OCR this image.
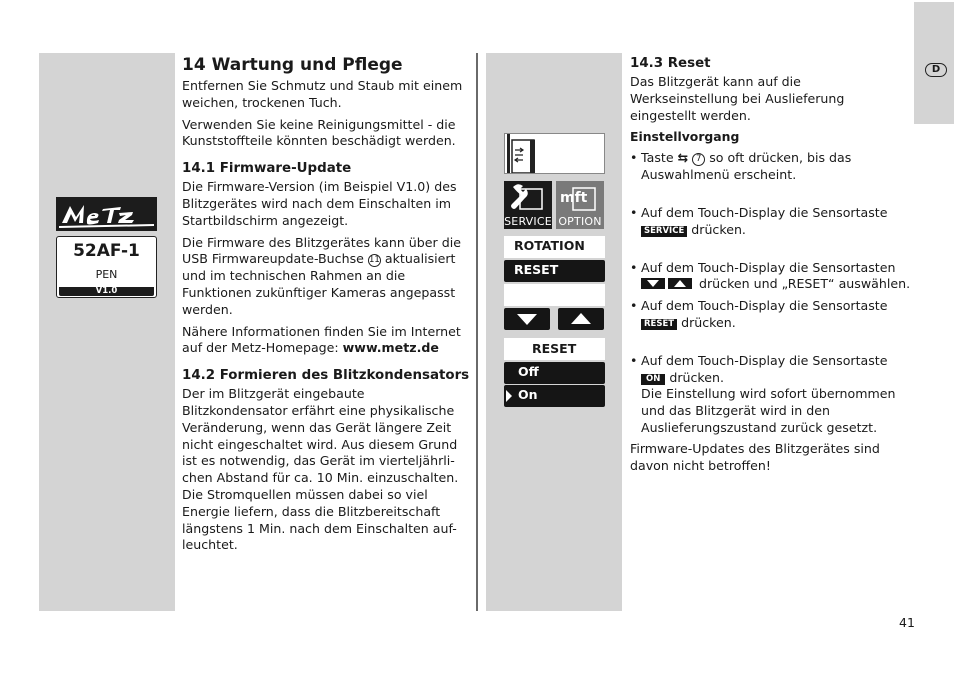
D
52AF-1
PEN
V1.0
14 Wartung und Pflege

Entfernen Sie Schmutz und Staub mit einem weichen, trockenen Tuch.

Verwenden Sie keine Reinigungsmittel - die Kunststoffteile könnten beschädigt werden.

14.1 Firmware-Update

Die Firmware-Version (im Beispiel V1.0) des Blitzgerätes wird nach dem Einschalten im Startbildschirm angezeigt.

Die Firmware des Blitzgerätes kann über die USB Firmwareupdate-Buchse 11 aktualisiert und im technischen Rahmen an die Funktionen zukünftiger Kameras angepasst werden.

Nähere Informationen finden Sie im Internet auf der Metz-Homepage: www.metz.de

14.2 Formieren des Blitzkondensators

Der im Blitzgerät eingebaute Blitzkondensator erfährt eine physikalische Veränderung, wenn das Gerät längere Zeit nicht eingeschaltet wird. Aus diesem Grund ist es notwendig, das Gerät im vierteljährli-chen Abstand für ca. 10 Min. einzuschalten. Die Stromquellen müssen dabei so viel Energie liefern, dass die Blitzbereitschaft längstens 1 Min. nach dem Einschalten auf-leuchtet.

SERVICE
mft
OPTION
ROTATION
RESET
RESET
Off
On
14.3 Reset

Das Blitzgerät kann auf die Werkseinstellung bei Auslieferung eingestellt werden.

Einstellvorgang

• Taste ⇆ 7 so oft drücken, bis das Auswahlmenü erscheint.

• Auf dem Touch-Display die Sensortaste
SERVICE drücken.

• Auf dem Touch-Display die Sensortasten
drücken und „RESET“ auswählen.

• Auf dem Touch-Display die Sensortaste
RESET drücken.

• Auf dem Touch-Display die Sensortaste
ON drücken.
Die Einstellung wird sofort übernommen und das Blitzgerät wird in den Auslieferungszustand zurück gesetzt.

Firmware-Updates des Blitzgerätes sind davon nicht betroffen!

41
